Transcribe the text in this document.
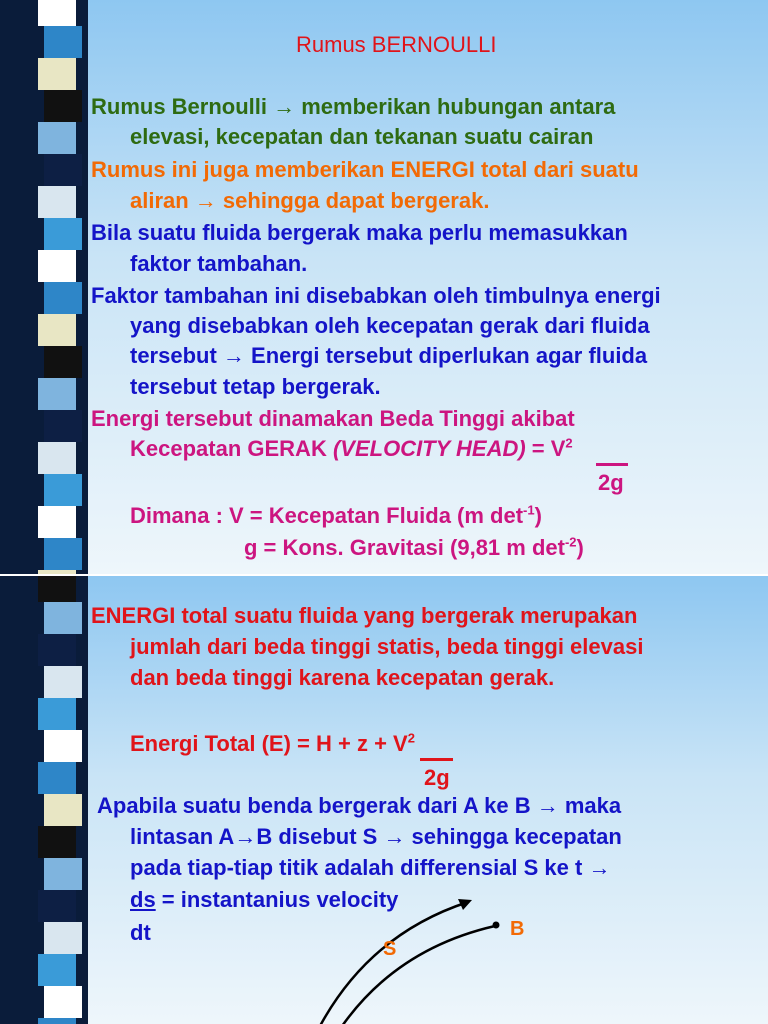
Rumus BERNOULLI
Rumus Bernoulli → memberikan hubungan antara
elevasi, kecepatan dan tekanan suatu cairan
Rumus ini juga memberikan ENERGI total dari suatu
aliran → sehingga dapat bergerak.
Bila suatu fluida bergerak maka perlu memasukkan
faktor tambahan.
Faktor tambahan ini disebabkan oleh timbulnya energi
yang disebabkan oleh kecepatan gerak dari fluida
tersebut → Energi tersebut diperlukan agar fluida
tersebut tetap bergerak.
Energi tersebut dinamakan Beda Tinggi akibat
Kecepatan GERAK (VELOCITY HEAD) = $V^2$
2g
Dimana : V = Kecepatan Fluida (m $\det^{-1}$)
g = Kons. Gravitasi (9,81 m $\det^{-2}$)
ENERGI total suatu fluida yang bergerak merupakan
jumlah dari beda tinggi statis, beda tinggi elevasi
dan beda tinggi karena kecepatan gerak.
Energi Total $(E) = H + z + V^2$
2g
Apabila suatu benda bergerak dari A ke B → maka
lintasan A→B disebut S → sehingga kecepatan
pada tiap-tiap titik adalah differensial S ke t →
ds = instantanius velocity
dt	B
S
